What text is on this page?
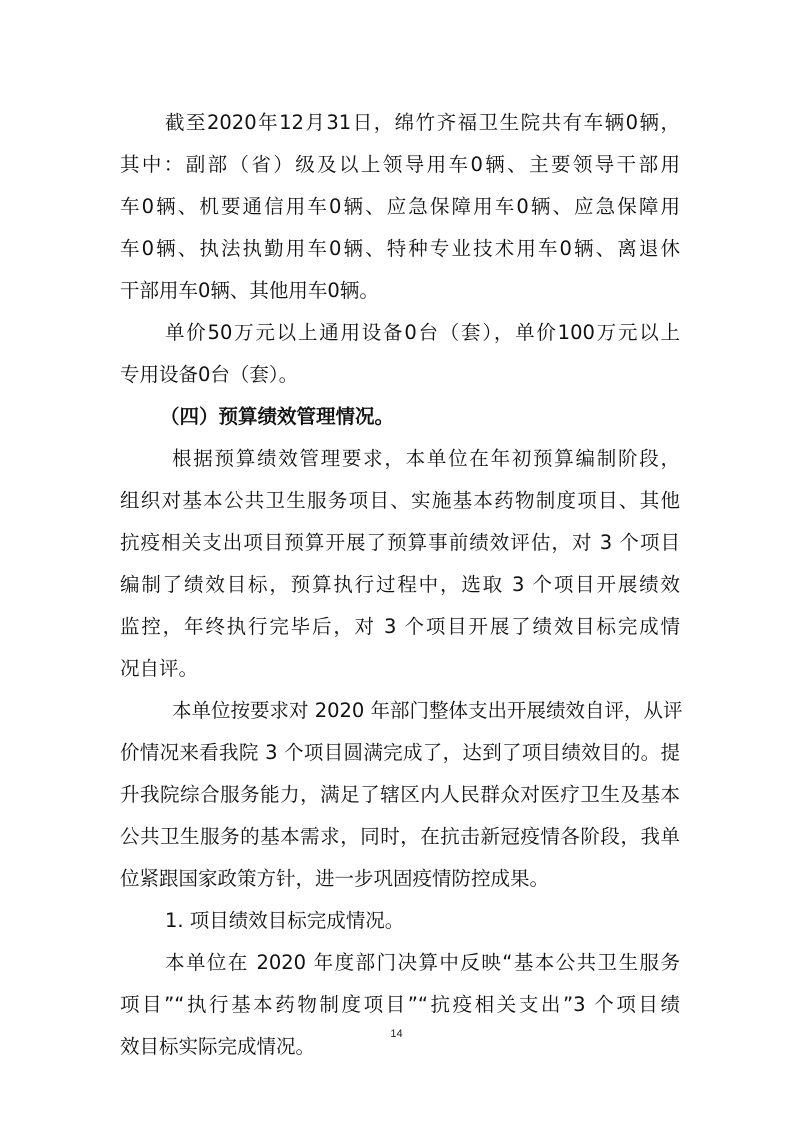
截至2020年12月31日，绵竹齐福卫生院共有车辆0辆，
其中：副部（省）级及以上领导用车0辆、主要领导干部用
车0辆、机要通信用车0辆、应急保障用车0辆、应急保障用
车0辆、执法执勤用车0辆、特种专业技术用车0辆、离退休
干部用车0辆、其他用车0辆。
单价50万元以上通用设备0台（套），单价100万元以上
专用设备0台（套）。
（四）预算绩效管理情况。
根据预算绩效管理要求，本单位在年初预算编制阶段，
组织对基本公共卫生服务项目、实施基本药物制度项目、其他
抗疫相关支出项目预算开展了预算事前绩效评估，对 3 个项目
编制了绩效目标，预算执行过程中，选取 3 个项目开展绩效
监控，年终执行完毕后，对 3 个项目开展了绩效目标完成情
况自评。
本单位按要求对 2020 年部门整体支出开展绩效自评，从评
价情况来看我院 3 个项目圆满完成了，达到了项目绩效目的。提
升我院综合服务能力，满足了辖区内人民群众对医疗卫生及基本
公共卫生服务的基本需求，同时，在抗击新冠疫情各阶段，我单
位紧跟国家政策方针，进一步巩固疫情防控成果。
1. 项目绩效目标完成情况。
本单位在 2020 年度部门决算中反映“基本公共卫生服务
项目”“执行基本药物制度项目”“抗疫相关支出”3 个项目绩
效目标实际完成情况。
14
